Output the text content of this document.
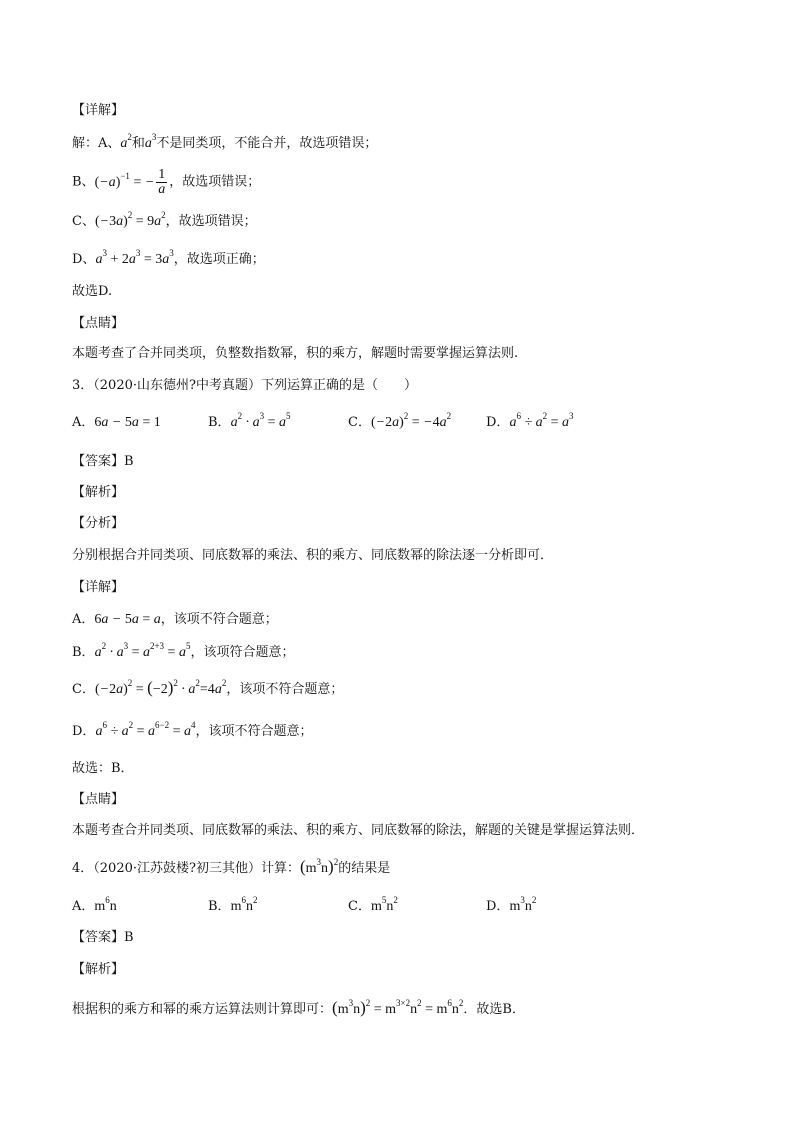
【详解】
解：A、$a^2$和$a^3$不是同类项，不能合并，故选项错误；
B、$(-a)^{-1}$ = − $\frac{1}{a}$ ，故选项错误；
C、$(-3a)^2 = 9a^2$，故选项错误；
D、$a^3 + 2a^3 = 3a^3$，故选项正确；
故选D.
【点睛】
本题考查了合并同类项，负整数指数幂，积的乘方，解题时需要掌握运算法则.
3．（2020·山东德州?中考真题）下列运算正确的是（　　）
A．6a − 5a = 1	B．$a^2 \cdot a^3 = a^5$	C．$(-2a)^2 = -4a^2$	D．$a^6 \div a^2 = a^3$
【答案】B
【解析】
【分析】
分别根据合并同类项、同底数幂的乘法、积的乘方、同底数幂的除法逐一分析即可．
【详解】
A．6a − 5a = a，该项不符合题意；
B．$a^2 \cdot a^3 = a^{2+3} = a^5$，该项符合题意；
C．$(-2a)^2 = (-2)^2 \cdot a^2=4a^2$，该项不符合题意；
D．$a^6 \div a^2 = a^{6-2} = a^4$，该项不符合题意；
故选：B．
【点睛】
本题考查合并同类项、同底数幂的乘法、积的乘方、同底数幂的除法，解题的关键是掌握运算法则．
4．（2020·江苏鼓楼?初三其他）计算：$(m^3n)^2$的结果是
A．$m^6n$	B．$m^6n^2$	C．$m^5n^2$	D．$m^3n^2$
【答案】B
【解析】
根据积的乘方和幂的乘方运算法则计算即可：$(m^3n)^2 = m^{3\times 2}n^2 = m^6n^2$．故选B．
